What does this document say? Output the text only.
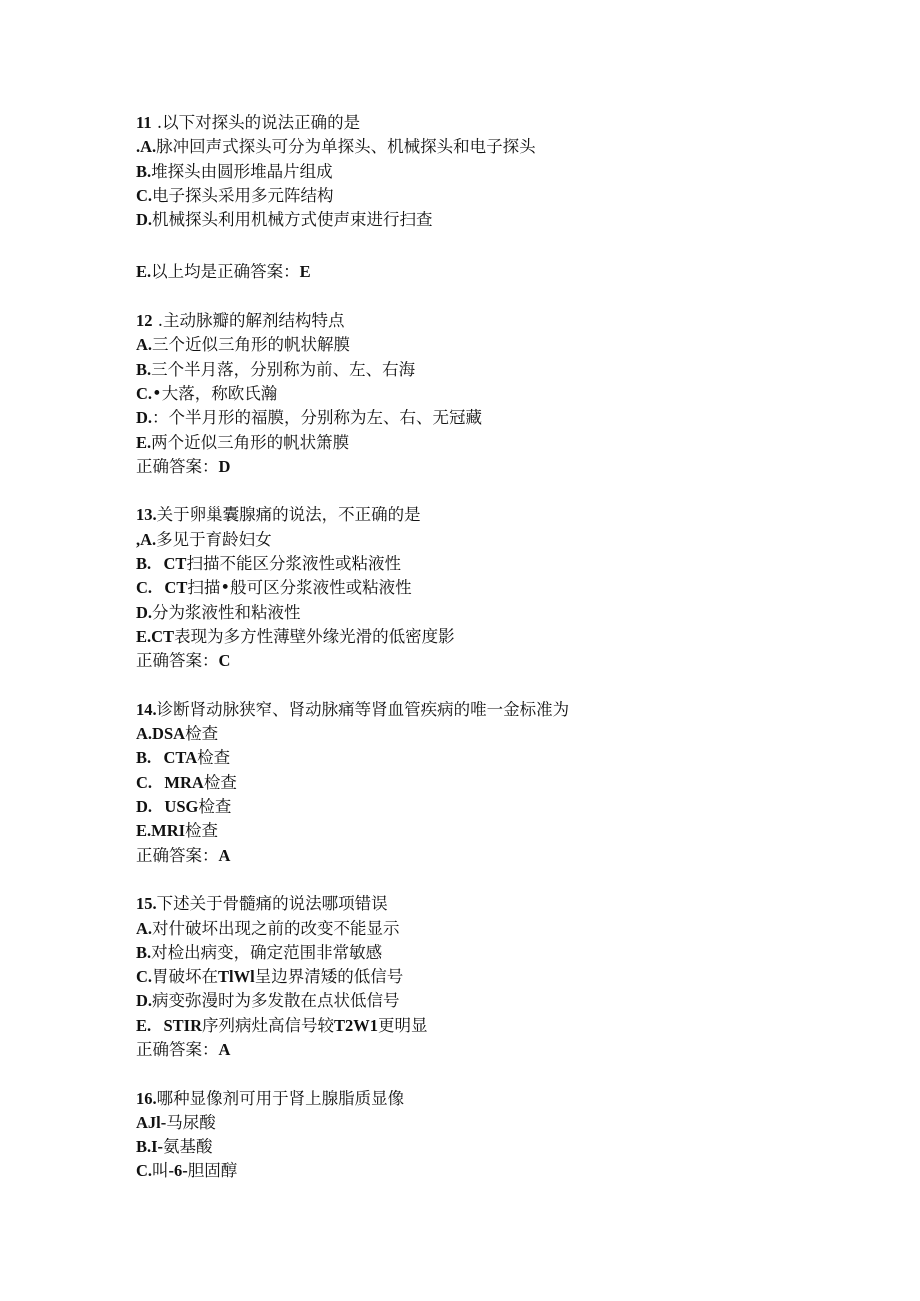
11 .以下对探头的说法正确的是
.A.脉冲回声式探头可分为单探头、机械探头和电子探头
B.堆探头由圆形堆晶片组成
C.电子探头采用多元阵结构
D.机械探头利用机械方式使声束进行扫查
E.以上均是正确答案：E
12 .主动脉瓣的解剂结构特点
A.三个近似三角形的帆状解膜
B.三个半月落，分别称为前、左、右海
C.•大落，称欧氏瀚
D.：个半月形的福膜，分别称为左、右、无冠藏
E.两个近似三角形的帆状箫膜
正确答案：D
13.关于卵巢囊腺痛的说法，不正确的是
,A.多见于育龄妇女
B.   CT扫描不能区分浆液性或粘液性
C.   CT扫描•般可区分浆液性或粘液性
D.分为浆液性和粘液性
E.CT表现为多方性薄壁外缘光滑的低密度影
正确答案：C
14.诊断肾动脉狭窄、肾动脉痛等肾血管疾病的唯一金标准为
A.DSA检查
B.   CTA检查
C.   MRA检查
D.   USG检查
E.MRI检查
正确答案：A
15.下述关于骨髓痛的说法哪项错误
A.对什破坏出现之前的改变不能显示
B.对检出病变，确定范围非常敏感
C.胃破坏在TlWl呈边界清矮的低信号
D.病变弥漫时为多发散在点状低信号
E.   STIR序列病灶高信号较T2W1更明显
正确答案：A
16.哪种显像剂可用于肾上腺脂质显像
AJl-马尿酸
B.I-氨基酸
C.叫-6-胆固醇
